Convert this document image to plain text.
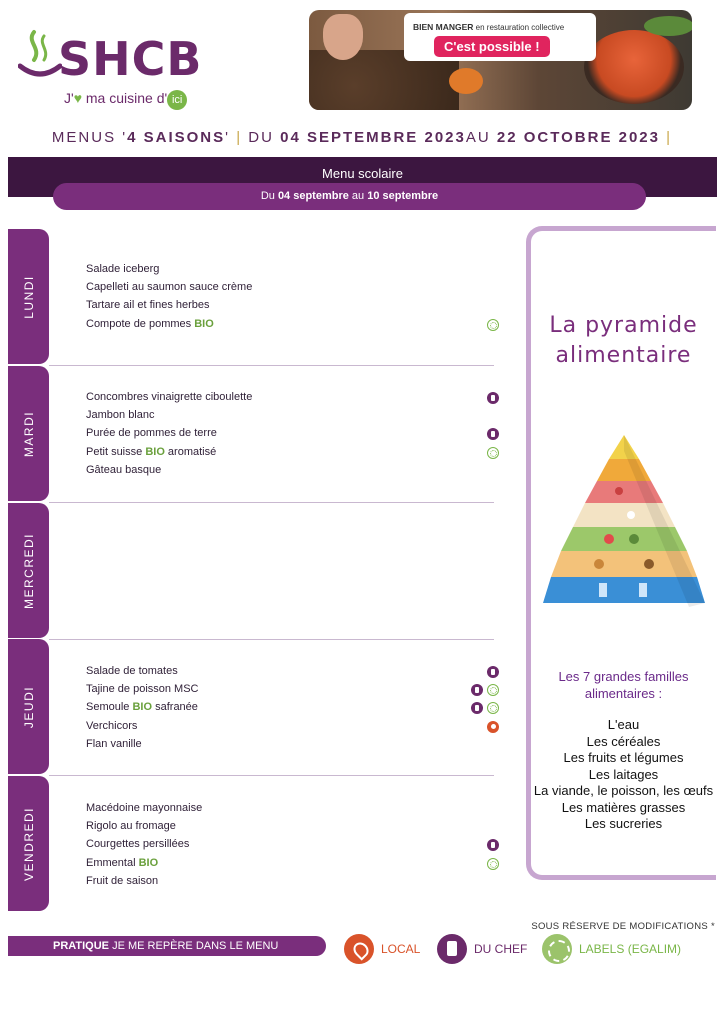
SHCB
J'♥ ma cuisine d' ici
BIEN MANGER en restauration collective
C'est possible !
MENUS '4 SAISONS' | DU 04 SEPTEMBRE 2023AU 22 OCTOBRE 2023 |
Menu scolaire
Du 04 septembre au 10 septembre
LUNDI
Salade iceberg
Capelleti au saumon sauce crème
Tartare ail et fines herbes
Compote de pommes BIO
MARDI
Concombres vinaigrette ciboulette
Jambon blanc
Purée de pommes de terre
Petit suisse BIO aromatisé
Gâteau basque
MERCREDI
JEUDI
Salade de tomates
Tajine de poisson MSC
Semoule BIO safranée
Verchicors
Flan vanille
VENDREDI	Macédoine mayonnaise
Rigolo au fromage
Courgettes persillées
Emmental BIO
Fruit de saison
La pyramide
alimentaire
Les 7 grandes familles
alimentaires :
L'eau
Les céréales
Les fruits et légumes
Les laitages
La viande, le poisson, les œufs
Les matières grasses
Les sucreries
SOUS RÉSERVE DE MODIFICATIONS *
PRATIQUE JE ME REPÈRE DANS LE MENU	LOCAL	DU CHEF	LABELS (EGALIM)
